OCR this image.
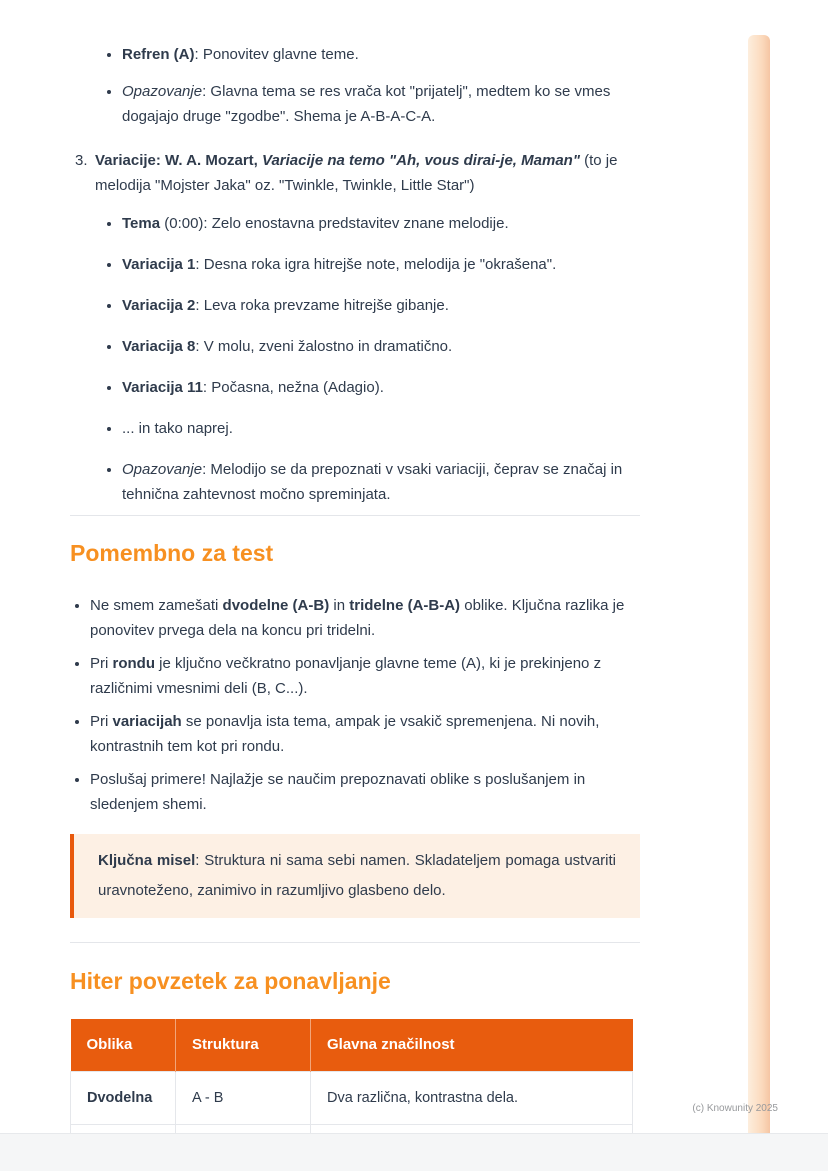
• Refren (A): Ponovitev glavne teme.
• Opazovanje: Glavna tema se res vrača kot "prijatelj", medtem ko se vmes dogajajo druge "zgodbe". Shema je A-B-A-C-A.
3. Variacije: W. A. Mozart, Variacije na temo "Ah, vous dirai-je, Maman" (to je melodija "Mojster Jaka" oz. "Twinkle, Twinkle, Little Star")
• Tema (0:00): Zelo enostavna predstavitev znane melodije.
• Variacija 1: Desna roka igra hitrejše note, melodija je "okrašena".
• Variacija 2: Leva roka prevzame hitrejše gibanje.
• Variacija 8: V molu, zveni žalostno in dramatično.
• Variacija 11: Počasna, nežna (Adagio).
• ... in tako naprej.
• Opazovanje: Melodijo se da prepoznati v vsaki variaciji, čeprav se značaj in tehnična zahtevnost močno spreminjata.
Pomembno za test
• Ne smem zamešati dvodelne (A-B) in tridelne (A-B-A) oblike. Ključna razlika je ponovitev prvega dela na koncu pri tridelni.
• Pri rondu je ključno večkratno ponavljanje glavne teme (A), ki je prekinjeno z različnimi vmesnimi deli (B, C...).
• Pri variacijah se ponavlja ista tema, ampak je vsakič spremenjena. Ni novih, kontrastnih tem kot pri rondu.
• Poslušaj primere! Najlažje se naučim prepoznavati oblike s poslušanjem in sledenjem shemi.
Ključna misel: Struktura ni sama sebi namen. Skladateljem pomaga ustvariti uravnoteženo, zanimivo in razumljivo glasbeno delo.
Hiter povzetek za ponavljanje
Oblika	Struktura	Glavna značilnost
Dvodelna	A - B	Dva različna, kontrastna dela.

(c) Knowunity 2025
